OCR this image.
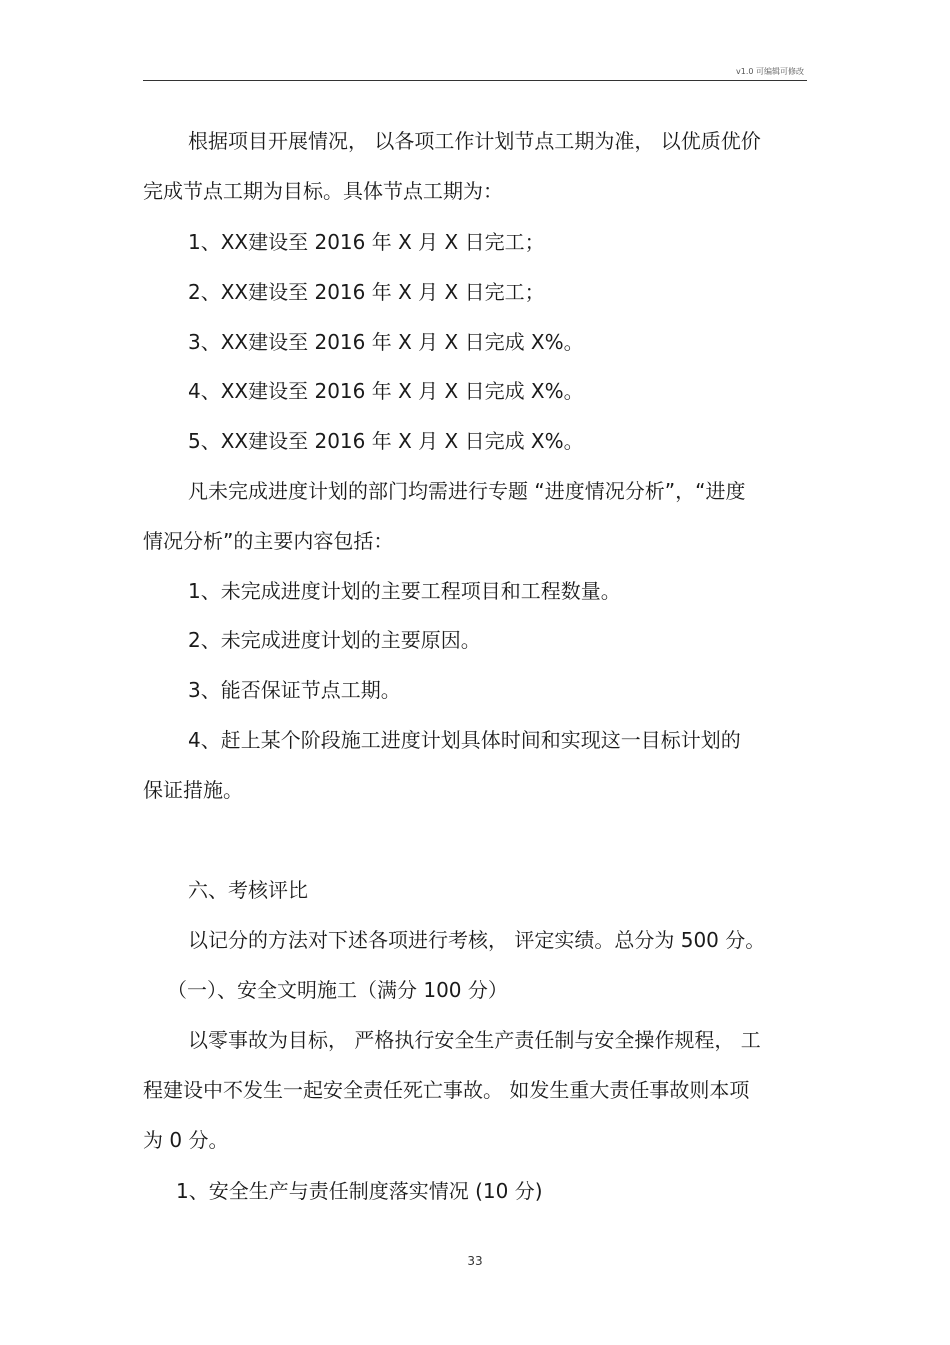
v1.0 可编辑可修改
根据项目开展情况， 以各项工作计划节点工期为准， 以优质优价
完成节点工期为目标。具体节点工期为：
1、XX建设至 2016 年 X 月 X 日完工；
2、XX建设至 2016 年 X 月 X 日完工；
3、XX建设至 2016 年 X 月 X 日完成 X%。
4、XX建设至 2016 年 X 月 X 日完成 X%。
5、XX建设至 2016 年 X 月 X 日完成 X%。
凡未完成进度计划的部门均需进行专题 “进度情况分析”，“进度
情况分析”的主要内容包括：
1、未完成进度计划的主要工程项目和工程数量。
2、未完成进度计划的主要原因。
3、能否保证节点工期。
4、赶上某个阶段施工进度计划具体时间和实现这一目标计划的
保证措施。
六、考核评比
以记分的方法对下述各项进行考核， 评定实绩。总分为 500 分。
（一）、安全文明施工（满分 100 分）
以零事故为目标， 严格执行安全生产责任制与安全操作规程， 工
程建设中不发生一起安全责任死亡事故。 如发生重大责任事故则本项
为 0 分。
1、安全生产与责任制度落实情况 (10 分)
33
